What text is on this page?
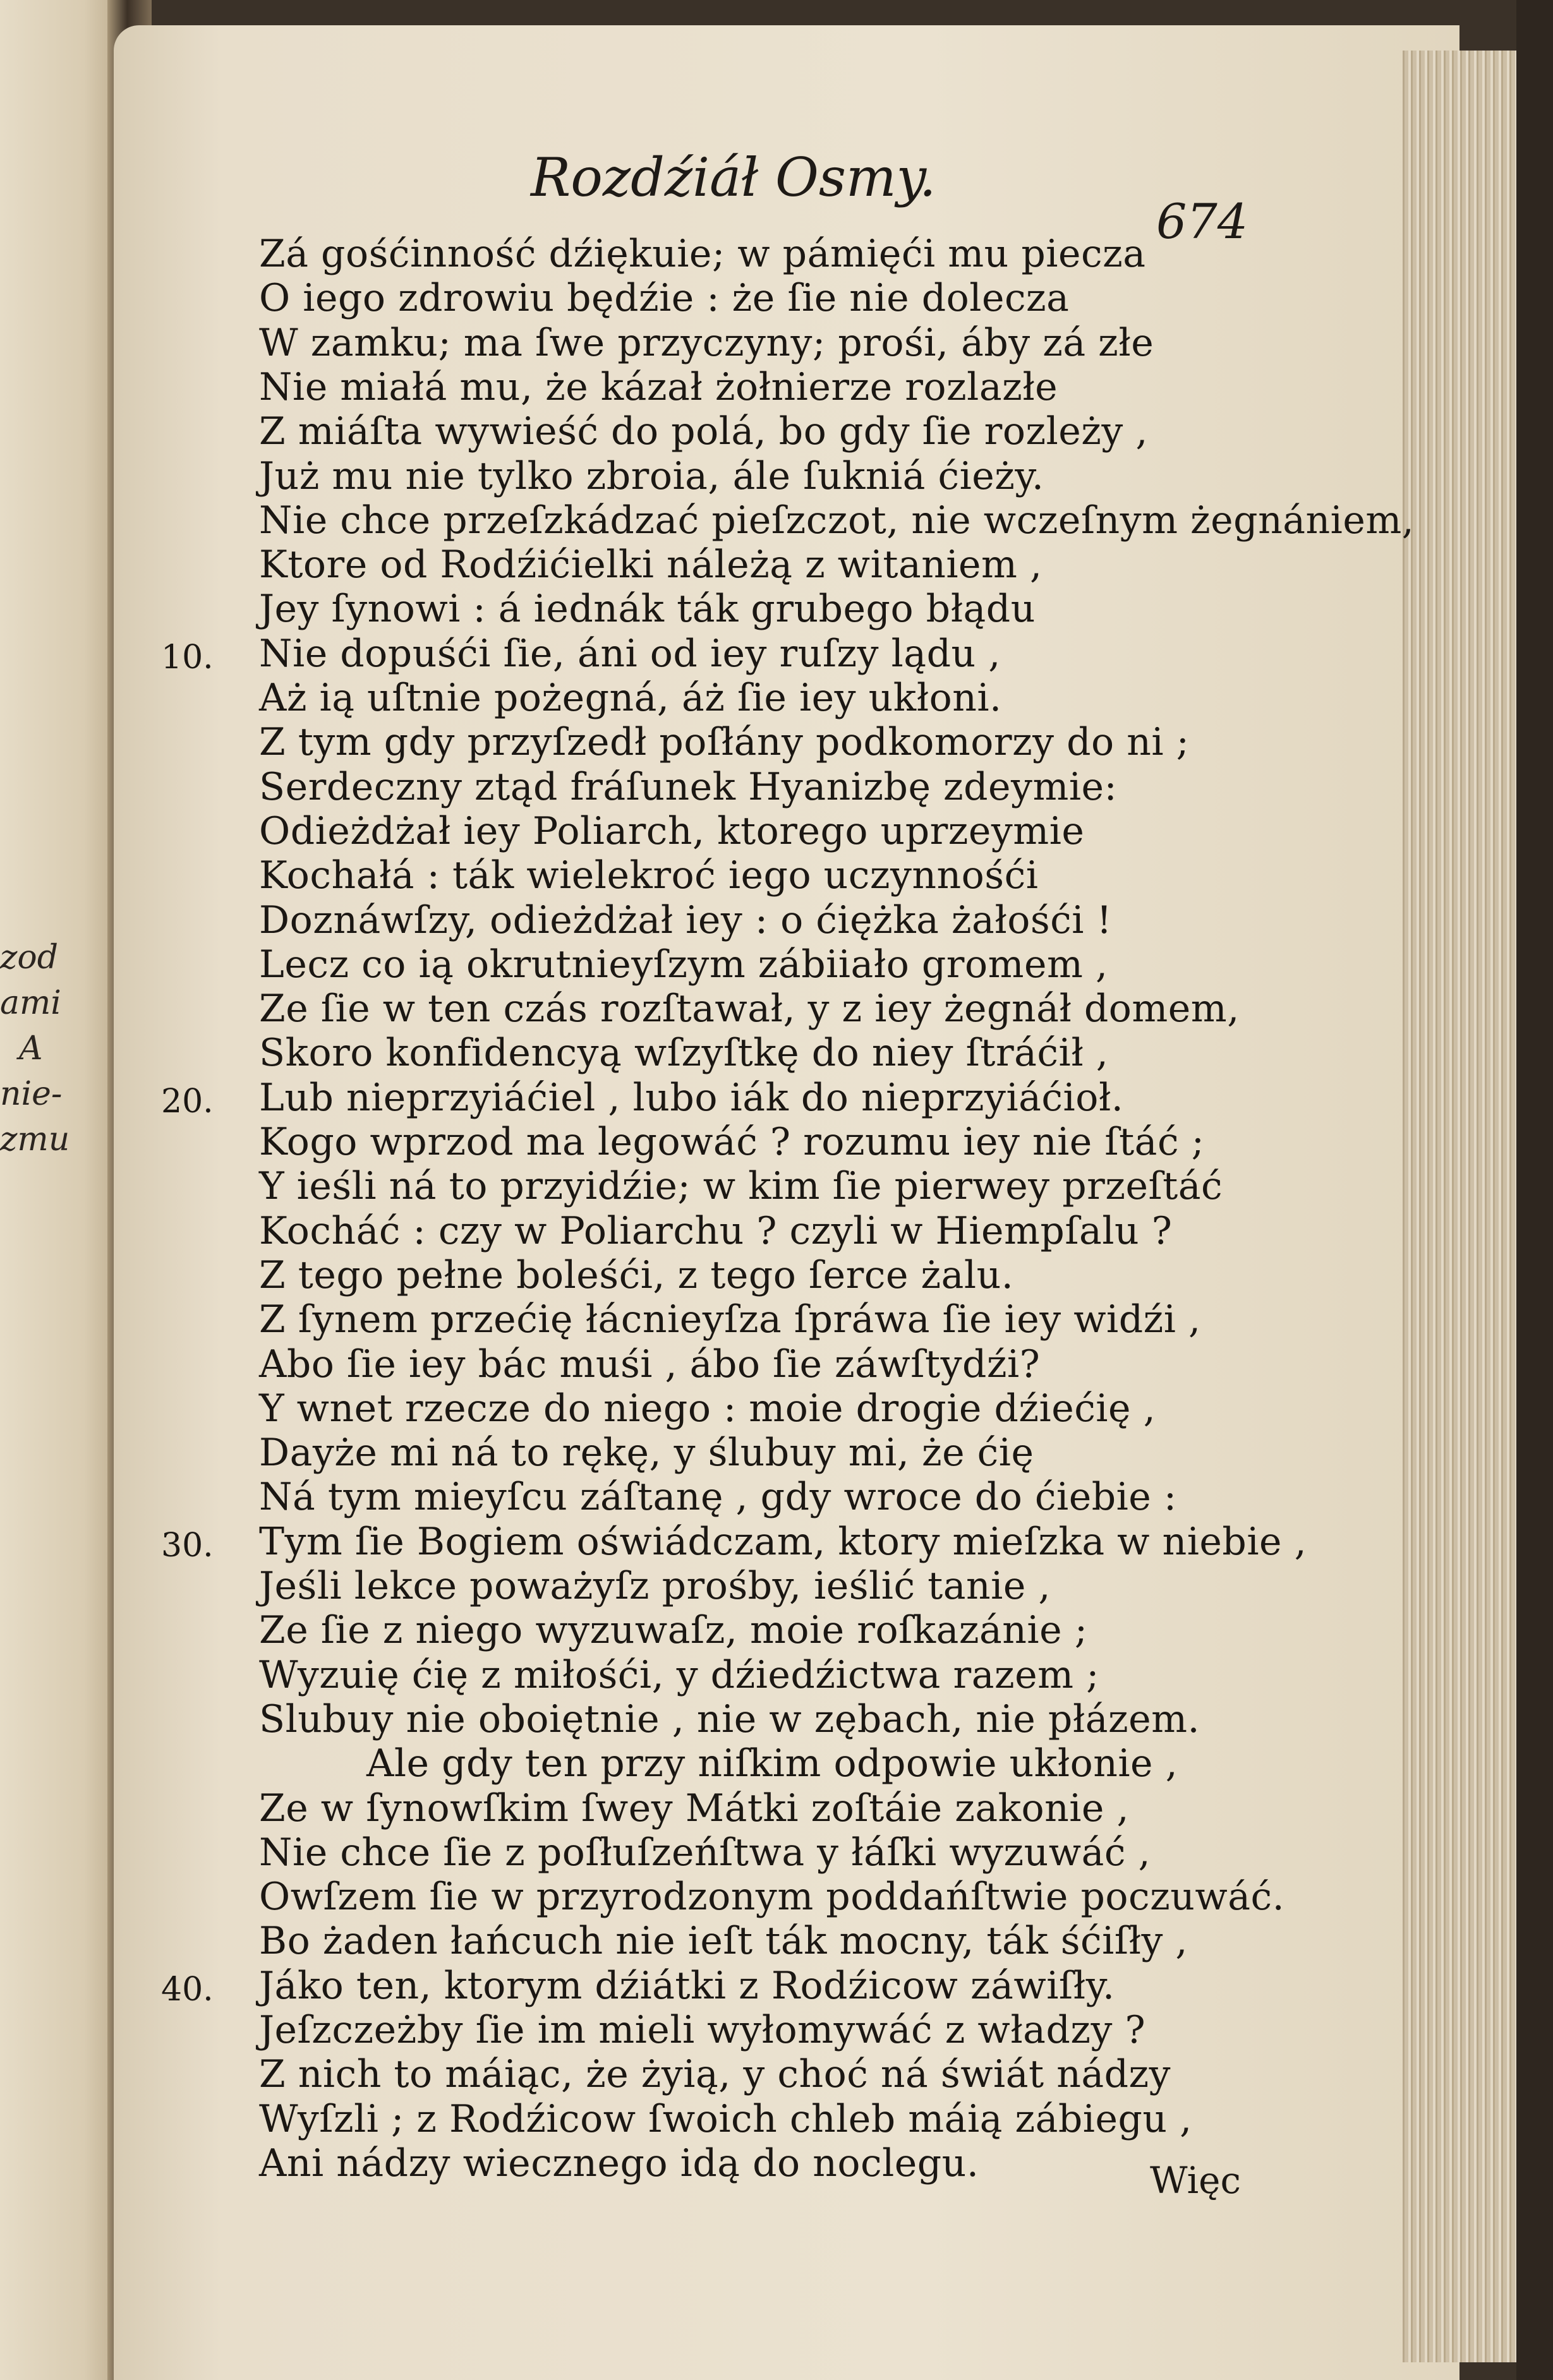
zod
ami
A
nie-
zmu
Rozdźiáł Osmy.
674
Zá gośćinność dźiękuie; w pámięći mu piecza
O iego zdrowiu będźie : że ſie nie dolecza
W zamku; ma ſwe przyczyny; prośi, áby zá złe
Nie miałá mu, że kázał żołnierze rozlazłe
Z miáſta wywieść do polá, bo gdy ſie rozleży ,
Już mu nie tylko zbroia, ále ſukniá ćieży.
Nie chce przeſzkádzać pieſzczot, nie wczeſnym żegnániem,
Ktore od Rodźićielki náleżą z witaniem ,
Jey ſynowi : á iednák ták grubego błądu
Nie dopuśći ſie, áni od iey ruſzy lądu ,
Aż ią uſtnie pożegná, áż ſie iey ukłoni.
Z tym gdy przyſzedł poſłány podkomorzy do ni ;
Serdeczny ztąd fráſunek Hyanizbę zdeymie:
Odieżdżał iey Poliarch, ktorego uprzeymie
Kochałá : ták wielekroć iego uczynnośći
Doznáwſzy, odieżdżał iey : o ćiężka żałośći !
Lecz co ią okrutnieyſzym zábiiało gromem ,
Ze ſie w ten czás rozſtawał, y z iey żegnáł domem,
Skoro konfidencyą wſzyſtkę do niey ſtráćił ,
Lub nieprzyiáćiel , lubo iák do nieprzyiáćioł.
Kogo wprzod ma legowáć ? rozumu iey nie ſtáć ;
Y ieśli ná to przyidźie; w kim ſie pierwey przeſtáć
Kocháć : czy w Poliarchu ? czyli w Hiempſalu ?
Z tego pełne boleśći, z tego ſerce żalu.
Z ſynem przećię łácnieyſza ſpráwa ſie iey widźi ,
Abo ſie iey bác muśi , ábo ſie záwſtydźi?
Y wnet rzecze do niego : moie drogie dźiećię ,
Dayże mi ná to rękę, y ślubuy mi, że ćię
Ná tym mieyſcu záſtanę , gdy wroce do ćiebie :
Tym ſie Bogiem oświádczam, ktory mieſzka w niebie ,
Jeśli lekce poważyſz prośby, ieślić tanie ,
Ze ſie z niego wyzuwaſz, moie roſkazánie ;
Wyzuię ćię z miłośći, y dźiedźictwa razem ;
Slubuy nie oboiętnie , nie w zębach, nie płázem.
Ale gdy ten przy niſkim odpowie ukłonie ,
Ze w ſynowſkim ſwey Mátki zoſtáie zakonie ,
Nie chce ſie z poſłuſzeńſtwa y łáſki wyzuwáć ,
Owſzem ſie w przyrodzonym poddańſtwie poczuwáć.
Bo żaden łańcuch nie ieſt ták mocny, ták śćiſły ,
Jáko ten, ktorym dźiátki z Rodźicow záwiſły.
Jeſzczeżby ſie im mieli wyłomywáć z władzy ?
Z nich to máiąc, że żyią, y choć ná świát nádzy
Wyſzli ; z Rodźicow ſwoich chleb máią zábiegu ,
Ani nádzy wiecznego idą do noclegu.
10.
20.
30.
40.
Więc
